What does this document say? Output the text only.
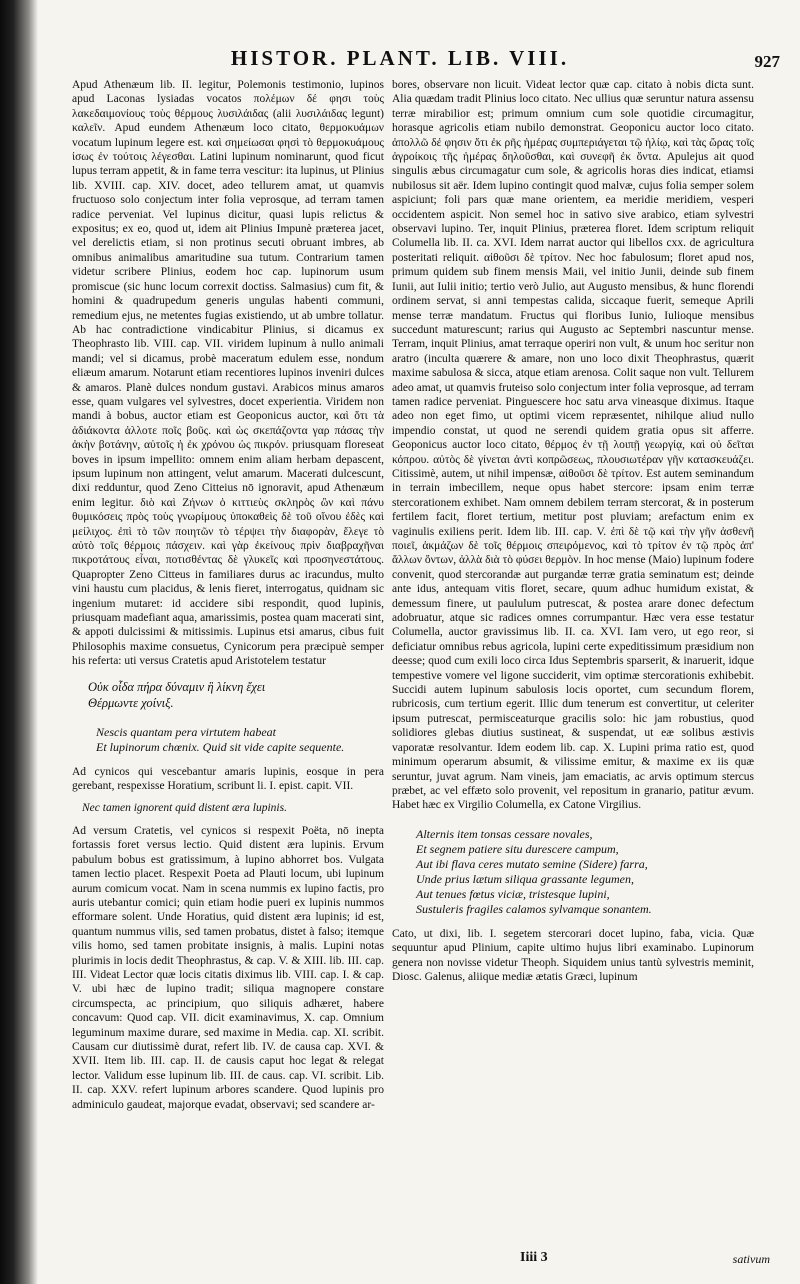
HISTOR. PLANT. LIB. VIII.	927

Apud Athenæum lib. II. legitur, Polemonis testimonio, lupinos apud Laconas lysiadas vocatos πολέμων δέ φησι τοὺς λακεδαιμονίους τοὺς θέρμους λυσιλάιδας (alii λυσιλάιδας legunt) καλεῖν. Apud eundem Athenæum loco citato, θερμοκυάμων vocatum lupinum legere est. καὶ σημείωσαι φησὶ τὸ θερμοκυάμους ἰσως ἐν τούτοις λέγεσθαι. Latini lupinum nominarunt, quod ficut lupus terram appetit, & in fame terra vescitur: ita lupinus, ut Plinius lib. XVIII. cap. XIV. docet, adeo tellurem amat, ut quamvis fructuoso solo conjectum inter folia veprosque, ad terram tamen radice perveniat. Vel lupinus dicitur, quasi lupis relictus & expositus; ex eo, quod ut, idem ait Plinius Impunè præterea jacet, vel derelictis etiam, si non protinus secuti obruant imbres, ab omnibus animalibus amaritudine sua tutum. Contrarium tamen videtur scribere Plinius, eodem hoc cap. lupinorum usum promiscue (sic hunc locum correxit doctiss. Salmasius) cum fit, & homini & quadrupedum generis ungulas habenti communi, remedium ejus, ne metentes fugias existiendo, ut ab umbre tollatur. Ab hac contradictione vindicabitur Plinius, si dicamus ex Theophrasto lib. VIII. cap. VII. viridem lupinum à nullo animali mandi; vel si dicamus, probè maceratum edulem esse, nondum eliæum amarum. Notarunt etiam recentiores lupinos inveniri dulces & amaros. Planè dulces nondum gustavi. Arabicos minus amaros esse, quam vulgares vel sylvestres, docet experientia. Viridem non mandi à bobus, auctor etiam est Geoponicus auctor, καὶ ὅτι τὰ ἀδιάκοντα ἀλλοτε ποῖς βοῦς. καὶ ὡς σκεπάζοντα γαρ πάσας τὴν ἀκὴν βοτάνην, αὐτοῖς ἡ ἐκ χρόνου ὡς πικρόν. priusquam floreseat boves in ipsum impellito: omnem enim aliam herbam depascent, ipsum lupinum non attingent, velut amarum. Macerati dulcescunt, dixi redduntur, quod Zeno Citteius nō ignoravit, apud Athenæum enim legitur. διὸ καὶ Ζήνων ὁ κιττιεὺς σκληρὸς ὢν καὶ πάνυ θυμικόσεις πρὸς τοὺς γνωρίμους ὑποκαθεὶς δὲ τοῦ οἴνου ἐδὲς καὶ μείλιχος. ἐπὶ τὸ τῶν ποιητῶν τὸ τέρψει τὴν διαφορὰν, ἔλεγε τὸ αὐτὸ τοῖς θέρμοις πάσχειν. καὶ γὰρ ἐκείνους πρὶν διαβραχῆναι πικροτάτους εἶναι, ποτισθέντας δὲ γλυκεῖς καὶ προσηνεστάτους. Quapropter Zeno Citteus in familiares durus ac iracundus, multo vini haustu cum placidus, & lenis fieret, interrogatus, quidnam sic ingenium mutaret: id accidere sibi respondit, quod lupinis, priusquam madefiant aqua, amarissimis, postea quam macerati sint, & appoti dulcissimi & mitissimis. Lupinus etsi amarus, cibus fuit Philosophis maxime consuetus, Cynicorum pera præcipuè semper his referta: uti versus Cratetis apud Aristotelem testatur

Οὐκ οἶδα πήρα δύναμιν ἣ λίκνη ἔχει
Θέρμωντε χοίνιξ.
Nescis quantam pera virtutem habeat
Et lupinorum chœnix. Quid sit vide capite sequente.

Ad cynicos qui vescebantur amaris lupinis, eosque in pera gerebant, respexisse Horatium, scribunt li. I. epist. capit. VII.

Nec tamen ignorent quid distent æra lupinis.

Ad versum Cratetis, vel cynicos si respexit Poëta, nō inepta fortassis foret versus lectio. Quid distent æra lupinis. Ervum pabulum bobus est gratissimum, à lupino abhorret bos. Vulgata tamen lectio placet. Respexit Poeta ad Plauti locum, ubi lupinum aurum comicum vocat. Nam in scena nummis ex lupino factis, pro auris utebantur comici; quin etiam hodie pueri ex lupinis nummos efformare solent. Unde Horatius, quid distent æra lupinis; id est, quantum nummus vilis, sed tamen probatus, distet à falso; itemque vilis homo, sed tamen probitate insignis, à malis. Lupini notas plurimis in locis dedit Theophrastus, & cap. V. & XIII. lib. III. cap. III. Videat Lector quæ locis citatis diximus lib. VIII. cap. I. & cap. V. ubi hæc de lupino tradit; siliqua magnopere constare circumspecta, ac principium, quo siliquis adhæret, habere concavum: Quod cap. VII. dicit examinavimus, X. cap. Omnium leguminum maxime durare, sed maxime in Media. cap. XI. scribit. Causam cur diutissimè durat, refert lib. IV. de causa cap. XVI. & XVII. Item lib. III. cap. II. de causis caput hoc legat & relegat lector. Validum esse lupinum lib. III. de caus. cap. VI. scribit. Lib. II. cap. XXV. refert lupinum arbores scandere. Quod lupinis pro adminiculo gaudeat, majorque evadat, observavi; sed scandere ar-

bores, observare non licuit. Videat lector quæ cap. citato à nobis dicta sunt. Alia quædam tradit Plinius loco citato. Nec ullius quæ seruntur natura assensu terræ mirabilior est; primum omnium cum sole quotidie circumagitur, horasque agricolis etiam nubilo demonstrat. Geoponicu auctor loco citato. ἀπολλῶ δέ φησιν ὅτι ἐκ ρῆς ἡμέρας συμπεριάγεται τῷ ἡλίῳ, καὶ τὰς ὥρας τοῖς ἀγροίκοις τῆς ἡμέρας δηλοῦσθαι, καὶ συνεφῆ ἐκ ὄντα. Apulejus ait quod singulis æbus circumagatur cum sole, & agricolis horas dies indicat, etiamsi nubilosus sit aër. Idem lupino contingit quod malvæ, cujus folia semper solem aspiciunt; foli pars quæ mane orientem, ea meridie meridiem, vesperi occidentem aspicit. Non semel hoc in sativo sive arabico, etiam sylvestri observavi lupino. Ter, inquit Plinius, præterea floret. Idem scriptum reliquit Columella lib. II. ca. XVI. Idem narrat auctor qui libellos cxx. de agricultura posteritati reliquit. αἰθοῦσι δὲ τρίτον. Nec hoc fabulosum; floret apud nos, primum quidem sub finem mensis Maii, vel initio Junii, deinde sub finem Iunii, aut Iulii initio; tertio verò Julio, aut Augusto mensibus, & hunc florendi ordinem servat, si anni tempestas calida, siccaque fuerit, semeque Aprili mense terræ mandatum. Fructus qui floribus Iunio, Iulioque mensibus succedunt maturescunt; rarius qui Augusto ac Septembri nascuntur mense. Terram, inquit Plinius, amat terraque operiri non vult, & unum hoc seritur non aratro (inculta quærere & amare, non uno loco dixit Theophrastus, quærit maxime sabulosa & sicca, atque etiam arenosa. Colit saque non vult. Tellurem adeo amat, ut quamvis fruteiso solo conjectum inter folia veprosque, ad terram tamen radice perveniat. Pinguescere hoc satu arva vineasque diximus. Itaque adeo non eget fimo, ut optimi vicem repræsentet, nihilque aliud nullo impendio constat, ut quod ne serendi quidem gratia opus sit afferre. Geoponicus auctor loco citato, θέρμος ἐν τῇ λοιπῇ γεωργίᾳ, καὶ οὐ δεῖται κόπρου. αὐτὸς δὲ γίνεται ἀντὶ κοπρῶσεως, πλουσιωτέραν γῆν κατασκευάζει. Citissimè, autem, ut nihil impensæ, αἰθοῦσι δὲ τρίτον. Est autem seminandum in terrain imbecillem, neque opus habet stercore: ipsam enim terræ stercorationem exhibet. Nam omnem debilem terram stercorat, & in posterum fertilem facit, floret tertium, metitur post pluviam; arefactum enim ex vaginulis exiliens perit. Idem lib. III. cap. V. ἐπὶ δὲ τῷ καὶ τὴν γῆν ἀσθενῆ ποιεῖ, ἀκμάζων δὲ τοῖς θέρμοις σπειρόμενος, καὶ τὸ τρίτον ἐν τῷ πρὸς ἀπ' ἄλλων ὄντων, ἀλλὰ διὰ τὸ φύσει θερμὸν. In hoc mense (Maio) lupinum fodere convenit, quod stercorandæ aut purgandæ terræ gratia seminatum est; deinde ante idus, antequam vitis floret, secare, quum adhuc humidum existat, & demessum finere, ut paululum putrescat, & postea arare donec defectum adobruatur, atque sic radices omnes corrumpantur. Hæc vera esse testatur Columella, auctor gravissimus lib. II. ca. XVI. Iam vero, ut ego reor, si deficiatur omnibus rebus agricola, lupini certe expeditissimum præsidium non deesse; quod cum exili loco circa Idus Septembris sparserit, & inaruerit, idque tempestive vomere vel ligone succiderit, vim optimæ stercorationis exhibebit. Succidi autem lupinum sabulosis locis oportet, cum secundum florem, rubricosis, cum tertium egerit. Illic dum tenerum est convertitur, ut celeriter ipsum putrescat, permisceaturque gracilis solo: hic jam robustius, quod solidiores glebas diutius sustineat, & suspendat, ut eæ solibus æstivis vaporatæ resolvantur. Idem eodem lib. cap. X. Lupini prima ratio est, quod minimum operarum absumit, & vilissime emitur, & maxime ex iis quæ seruntur, juvat agrum. Nam vineis, jam emaciatis, ac arvis optimum stercus præbet, ac vel effæto solo provenit, vel repositum in granario, patitur ævum. Habet hæc ex Virgilio Columella, ex Catone Virgilius.

Alternis item tonsas cessare novales,
Et segnem patiere situ durescere campum,
Aut ibi flava ceres mutato semine (Sidere) farra,
Unde prius lætum siliqua grassante legumen,
Aut tenues fœtus viciæ, tristesque lupini,
Sustuleris fragiles calamos sylvamque sonantem.

Cato, ut dixi, lib. I. segetem stercorari docet lupino, faba, vicia. Quæ sequuntur apud Plinium, capite ultimo hujus libri examinabo. Lupinorum genera non novisse videtur Theoph. Siquidem unius tantù sylvestris meminit, Diosc. Galenus, aliique mediæ ætatis Græci, lupinum

Iiii 3	sativum
